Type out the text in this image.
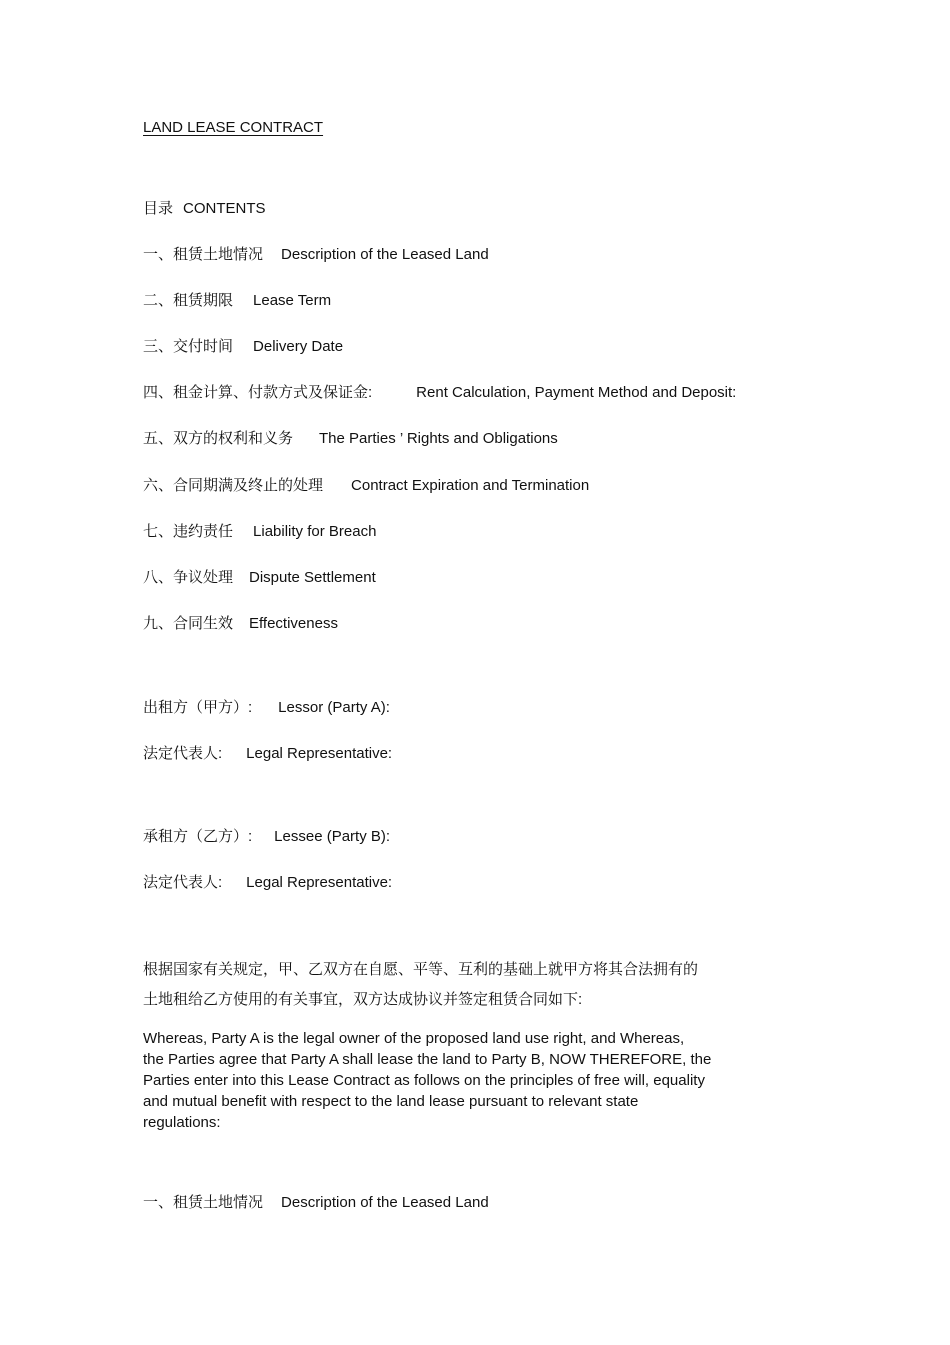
LAND LEASE CONTRACT
目录 CONTENTS
一、租赁土地情况 Description of the Leased Land
二、租赁期限 Lease Term
三、交付时间 Delivery Date
四、租金计算、付款方式及保证金:	Rent Calculation, Payment Method and Deposit:
五、双方的权利和义务 The Parties ’ Rights and Obligations
六、合同期满及终止的处理 Contract Expiration and Termination
七、违约责任 Liability for Breach
八、争议处理 Dispute Settlement
九、合同生效 Effectiveness
出租方（甲方）: Lessor (Party A):
法定代表人: Legal Representative:
承租方（乙方）: Lessee (Party B):
法定代表人: Legal Representative:
根据国家有关规定，甲、乙双方在自愿、平等、互利的基础上就甲方将其合法拥有的
土地租给乙方使用的有关事宜，双方达成协议并签定租赁合同如下:
Whereas, Party A is the legal owner of the proposed land use right, and Whereas,
the Parties agree that Party A shall lease the land to Party B, NOW THEREFORE, the
Parties enter into this Lease Contract as follows on the principles of free will, equality
and mutual benefit with respect to the land lease pursuant to relevant state
regulations:
一、租赁土地情况 Description of the Leased Land
